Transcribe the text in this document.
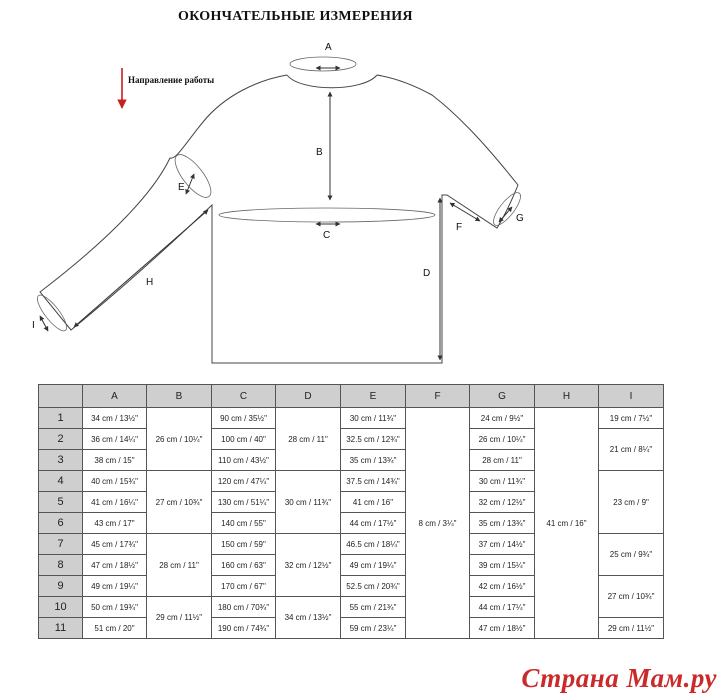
ОКОНЧАТЕЛЬНЫЕ ИЗМЕРЕНИЯ
Направление работы
A
B
C
D
E
F
G
H
I
	A	B	C	D	E	F	G	H	I
1	34 cm / 13½"	26 cm / 10¼"	90 cm / 35½"	28 cm / 11"	30 cm / 11¾"	8 cm / 3¼"	24 cm / 9½"	41 cm / 16"	19 cm / 7½"
2	36 cm / 14¼"		100 cm / 40"		32.5 cm / 12¾"		26 cm / 10¼"		21 cm / 8¼"
3	38 cm / 15"		110 cm / 43½"		35 cm / 13¾"		28 cm / 11"		
4	40 cm / 15¾"	27 cm / 10¾"	120 cm / 47¼"	30 cm / 11¾"	37.5 cm / 14¾"		30 cm / 11¾"		23 cm / 9"
5	41 cm / 16¼"		130 cm / 51¼"		41 cm / 16"		32 cm / 12½"		
6	43 cm / 17"		140 cm / 55"		44 cm / 17½"		35 cm / 13¾"		
7	45 cm / 17¾"	28 cm / 11"	150 cm / 59"	32 cm / 12½"	46.5 cm / 18¼"		37 cm / 14½"		25 cm / 9¾"
8	47 cm / 18½"		160 cm / 63"		49 cm / 19¼"		39 cm / 15¼"		
9	49 cm / 19¼"		170 cm / 67"		52.5 cm / 20¾"		42 cm / 16½"		27 cm / 10¾"
10	50 cm / 19¾"	29 cm / 11½"	180 cm / 70¾"	34 cm / 13½"	55 cm / 21¾"		44 cm / 17¼"		
11	51 cm / 20"		190 cm / 74¾"		59 cm / 23¼"		47 cm / 18½"		29 cm / 11½"
Страна Мам.ру
